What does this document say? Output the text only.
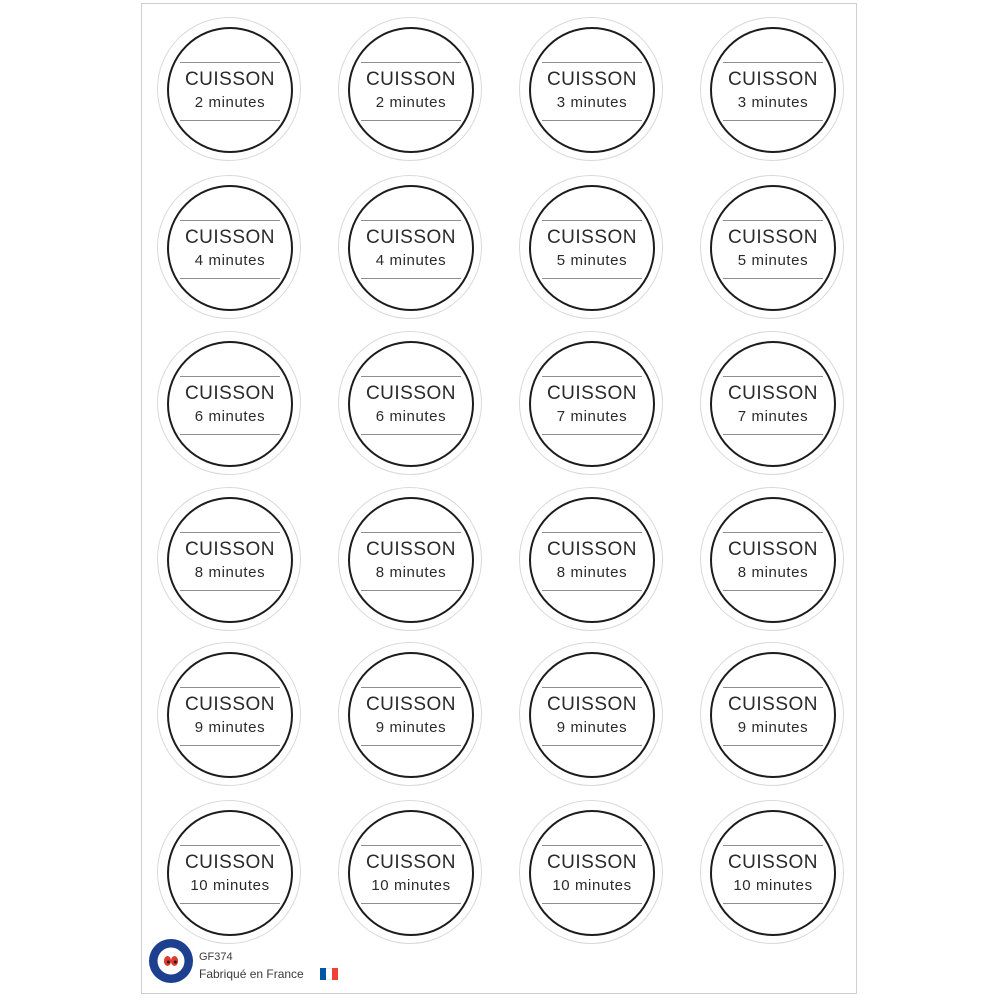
CUISSON
2 minutes
CUISSON
2 minutes
CUISSON
3 minutes
CUISSON
3 minutes
CUISSON
4 minutes
CUISSON
4 minutes
CUISSON
5 minutes
CUISSON
5 minutes
CUISSON
6 minutes
CUISSON
6 minutes
CUISSON
7 minutes
CUISSON
7 minutes
CUISSON
8 minutes
CUISSON
8 minutes
CUISSON
8 minutes
CUISSON
8 minutes
CUISSON
9 minutes
CUISSON
9 minutes
CUISSON
9 minutes
CUISSON
9 minutes
CUISSON
10 minutes
CUISSON
10 minutes
CUISSON
10 minutes
CUISSON
10 minutes
GF374
Fabriqué en France
